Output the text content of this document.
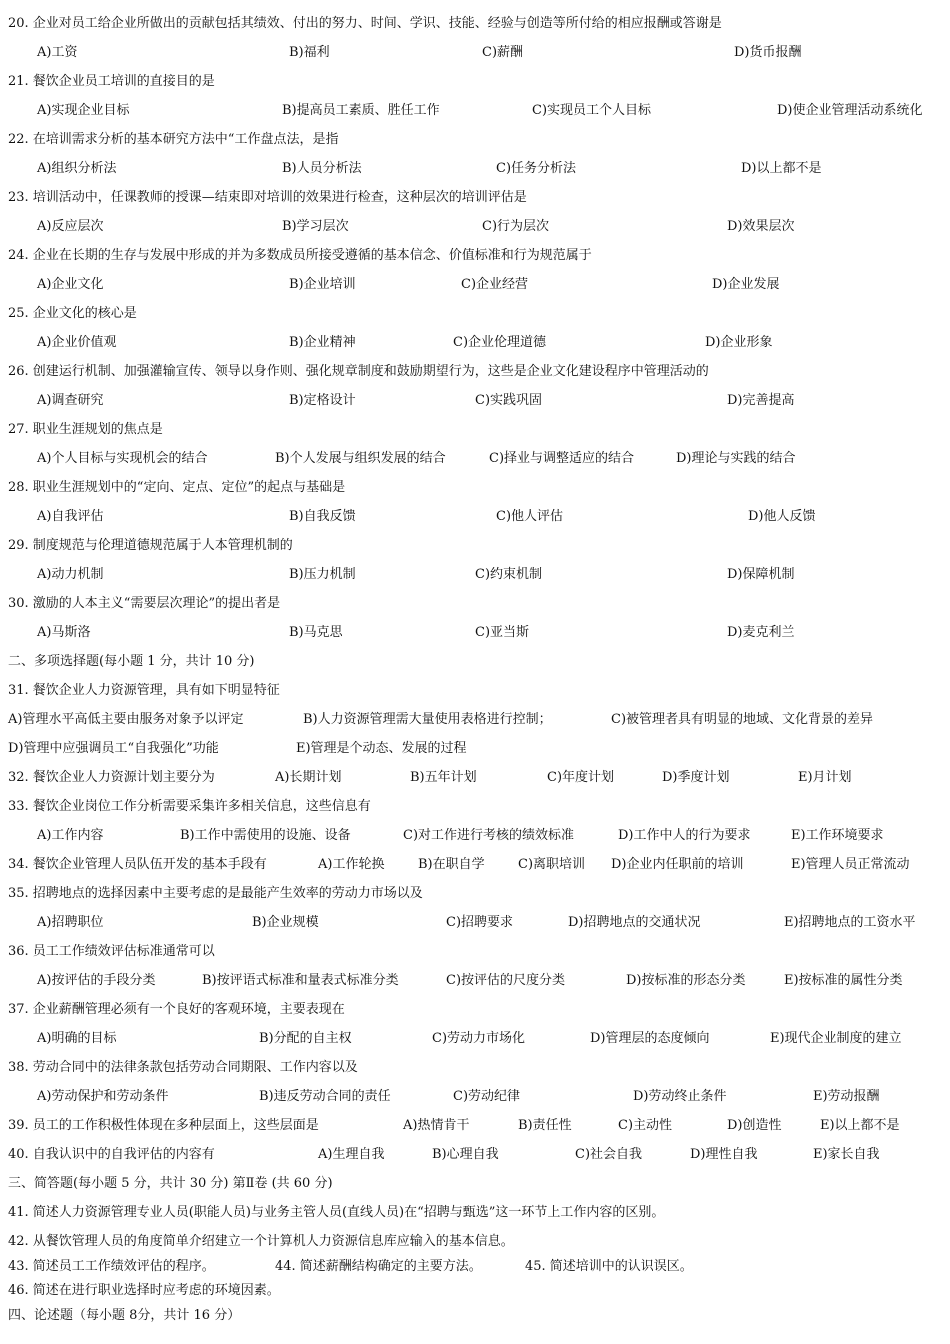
20. 企业对员工给企业所做出的贡献包括其绩效、付出的努力、时间、学识、技能、经验与创造等所付给的相应报酬或答谢是
A)工资	B)福利	C)薪酬	D)货币报酬
21. 餐饮企业员工培训的直接目的是
A)实现企业目标	B)提高员工素质、胜任工作	C)实现员工个人目标	D)使企业管理活动系统化
22. 在培训需求分析的基本研究方法中“工作盘点法，是指
A)组织分析法	B)人员分析法	C)任务分析法	D)以上都不是
23. 培训活动中，任课教师的授课—结束即对培训的效果进行检查，这种层次的培训评估是
A)反应层次	B)学习层次	C)行为层次	D)效果层次
24. 企业在长期的生存与发展中形成的并为多数成员所接受遵循的基本信念、价值标准和行为规范属于
A)企业文化	B)企业培训	C)企业经营	D)企业发展
25. 企业文化的核心是
A)企业价值观	B)企业精神	C)企业伦理道德	D)企业形象
26. 创建运行机制、加强灌输宣传、领导以身作则、强化规章制度和鼓励期望行为，这些是企业文化建设程序中管理活动的
A)调查研究	B)定格设计	C)实践巩固	D)完善提高
27. 职业生涯规划的焦点是
A)个人目标与实现机会的结合	B)个人发展与组织发展的结合	C)择业与调整适应的结合	D)理论与实践的结合
28. 职业生涯规划中的“定向、定点、定位”的起点与基础是
A)自我评估	B)自我反馈	C)他人评估	D)他人反馈
29. 制度规范与伦理道德规范属于人本管理机制的
A)动力机制	B)压力机制	C)约束机制	D)保障机制
30. 激励的人本主义“需要层次理论”的提出者是
A)马斯洛	B)马克思	C)亚当斯	D)麦克利兰
二、多项选择题(每小题 1 分，共计 10 分)
31. 餐饮企业人力资源管理，具有如下明显特征
A)管理水平高低主要由服务对象予以评定	B)人力资源管理需大量使用表格进行控制；	C)被管理者具有明显的地域、文化背景的差异
D)管理中应强调员工“自我强化”功能	E)管理是个动态、发展的过程
32. 餐饮企业人力资源计划主要分为	A)长期计划	B)五年计划	C)年度计划	D)季度计划	E)月计划
33. 餐饮企业岗位工作分析需要采集许多相关信息，这些信息有
A)工作内容	B)工作中需使用的设施、设备	C)对工作进行考核的绩效标准	D)工作中人的行为要求	E)工作环境要求
34. 餐饮企业管理人员队伍开发的基本手段有	A)工作轮换	B)在职自学	C)离职培训 D)企业内任职前的培训	E)管理人员正常流动
35. 招聘地点的选择因素中主要考虑的是最能产生效率的劳动力市场以及
A)招聘职位	B)企业规模	C)招聘要求	D)招聘地点的交通状况	E)招聘地点的工资水平
36. 员工工作绩效评估标准通常可以
A)按评估的手段分类	B)按评语式标准和量表式标准分类	C)按评估的尺度分类	D)按标准的形态分类	E)按标准的属性分类
37. 企业薪酬管理必须有一个良好的客观环境，主要表现在
A)明确的目标	B)分配的自主权	C)劳动力市场化	D)管理层的态度倾向	E)现代企业制度的建立
38. 劳动合同中的法律条款包括劳动合同期限、工作内容以及
A)劳动保护和劳动条件	B)违反劳动合同的责任	C)劳动纪律	D)劳动终止条件	E)劳动报酬
39. 员工的工作积极性体现在多种层面上，这些层面是	A)热情肯干	B)责任性	C)主动性	D)创造性	E)以上都不是
40. 自我认识中的自我评估的内容有	A)生理自我	B)心理自我	C)社会自我	D)理性自我	E)家长自我
三、简答题(每小题 5 分，共计 30 分) 第Ⅱ卷 (共 60 分)
41. 简述人力资源管理专业人员(职能人员)与业务主管人员(直线人员)在“招聘与甄选”这一环节上工作内容的区别。
42. 从餐饮管理人员的角度简单介绍建立一个计算机人力资源信息库应输入的基本信息。
43. 简述员工工作绩效评估的程序。	44. 简述薪酬结构确定的主要方法。	45. 简述培训中的认识误区。
46. 简述在进行职业选择时应考虑的环境因素。
四、论述题（每小题 8分，共计 16 分）
